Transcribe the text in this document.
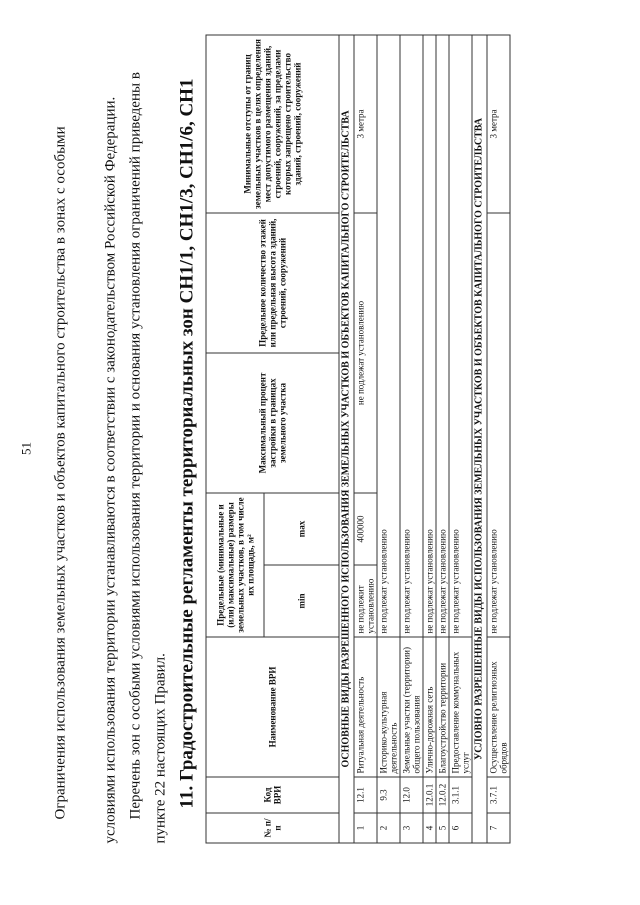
51 Ограничения использования земельных участков и объектов капитального строительства в зонах с особыми	условиями использования территории устанавливаются в соответствии с законодательством Российской Федерации. Перечень зон с особыми условиями использования территории и основания установления ограничений приведены в пункте 22 настоящих Правил. 11. Градостроительные регламенты территориальных зон СН1/1, СН1/3, СН1/6, СН1
№ п/п	Код ВРИ	Наименование ВРИ	Предельные (минимальные и (или) максимальные) размеры земельных участков, в том числе их площадь, м²		Максимальный процент застройки в границах земельного участка	Предельное количество этажей или предельная высота зданий, строений, сооружений	Минимальные отступы от границ земельных участков в целях определения мест допустимого размещения зданий, строений, сооружений, за пределами которых запрещено строительство зданий, строений, сооружений
			min	max			
ОСНОВНЫЕ ВИДЫ РАЗРЕШЕННОГО ИСПОЛЬЗОВАНИЯ ЗЕМЕЛЬНЫХ УЧАСТКОВ И ОБЪЕКТОВ КАПИТАЛЬНОГО СТРОИТЕЛЬСТВА							
1	12.1	Ритуальная деятельность	не подлежит установлению	400000	не подлежат установлению		3 метра
2	9.3	Историко-культурная деятельность	не подлежат установлению				
3	12.0	Земельные участки (территории) общего пользования	не подлежат установлению				
4	12.0.1	Улично-дорожная сеть	не подлежат установлению				
5	12.0.2	Благоустройство территории	не подлежат установлению				
6	3.1.1	Предоставление коммунальных услуг	не подлежат установлению				
УСЛОВНО РАЗРЕШЕННЫЕ ВИДЫ ИСПОЛЬЗОВАНИЯ ЗЕМЕЛЬНЫХ УЧАСТКОВ И ОБЪЕКТОВ КАПИТАЛЬНОГО СТРОИТЕЛЬСТВА							
7	3.7.1	Осуществление религиозных обрядов	не подлежат установлению				3 метра
